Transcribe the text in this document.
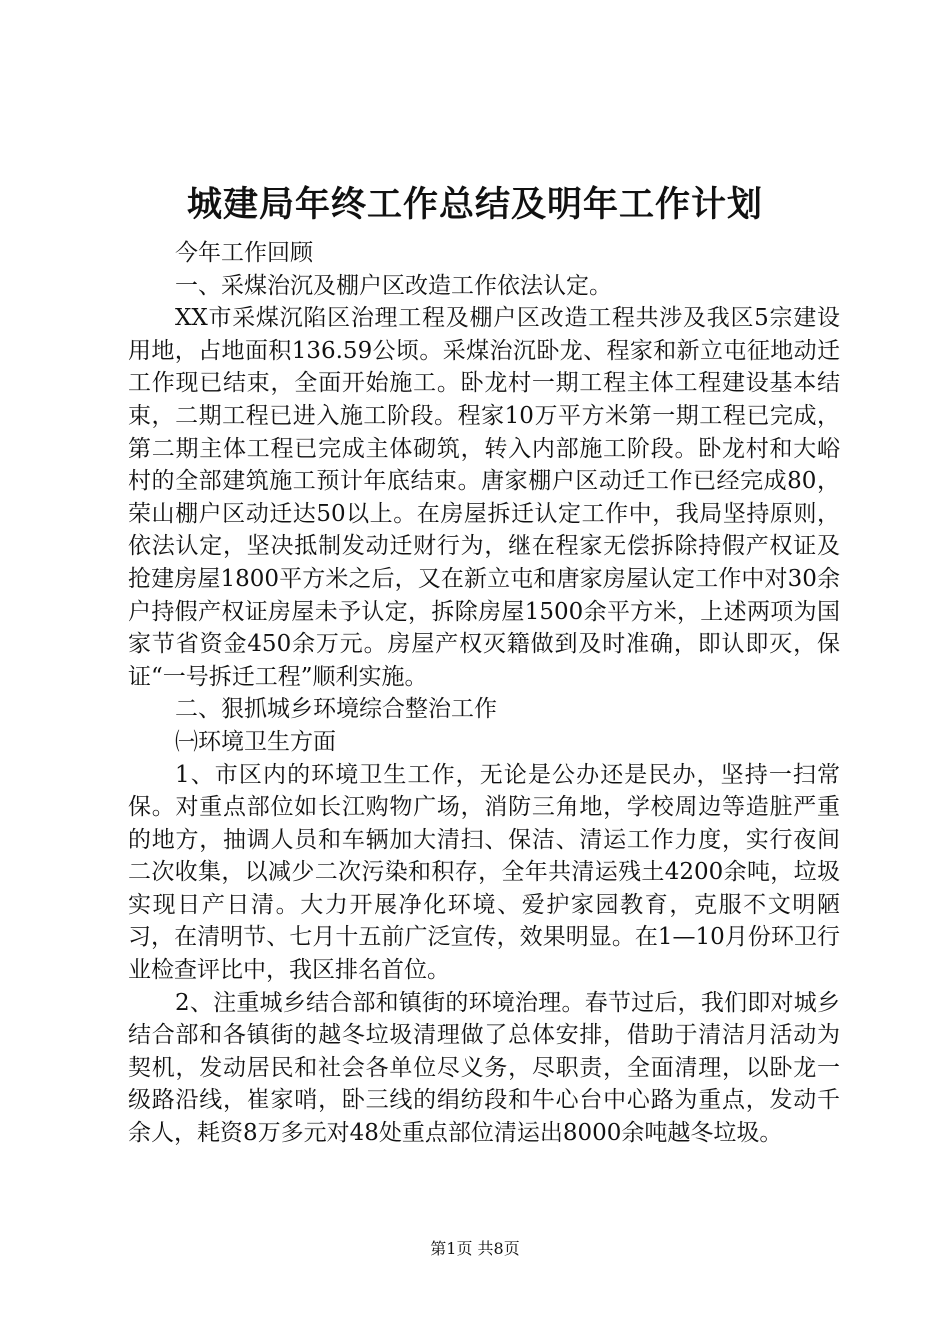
城建局年终工作总结及明年工作计划

今年工作回顾

一、采煤治沉及棚户区改造工作依法认定。

XX市采煤沉陷区治理工程及棚户区改造工程共涉及我区5宗建设用地，占地面积136.59公顷。采煤治沉卧龙、程家和新立屯征地动迁工作现已结束，全面开始施工。卧龙村一期工程主体工程建设基本结束，二期工程已进入施工阶段。程家10万平方米第一期工程已完成，第二期主体工程已完成主体砌筑，转入内部施工阶段。卧龙村和大峪村的全部建筑施工预计年底结束。唐家棚户区动迁工作已经完成80，荣山棚户区动迁达50以上。在房屋拆迁认定工作中，我局坚持原则，依法认定，坚决抵制发动迁财行为，继在程家无偿拆除持假产权证及抢建房屋1800平方米之后，又在新立屯和唐家房屋认定工作中对30余户持假产权证房屋未予认定，拆除房屋1500余平方米，上述两项为国家节省资金450余万元。房屋产权灭籍做到及时准确，即认即灭，保证“一号拆迁工程”顺利实施。

二、狠抓城乡环境综合整治工作

㈠环境卫生方面

1、市区内的环境卫生工作，无论是公办还是民办，坚持一扫常保。对重点部位如长江购物广场，消防三角地，学校周边等造脏严重的地方，抽调人员和车辆加大清扫、保洁、清运工作力度，实行夜间二次收集，以减少二次污染和积存，全年共清运残土4200余吨，垃圾实现日产日清。大力开展净化环境、爱护家园教育，克服不文明陋习，在清明节、七月十五前广泛宣传，效果明显。在1—10月份环卫行业检查评比中，我区排名首位。

2、注重城乡结合部和镇街的环境治理。春节过后，我们即对城乡结合部和各镇街的越冬垃圾清理做了总体安排，借助于清洁月活动为契机，发动居民和社会各单位尽义务，尽职责，全面清理，以卧龙一级路沿线，崔家哨，卧三线的绢纺段和牛心台中心路为重点，发动千余人，耗资8万多元对48处重点部位清运出8000余吨越冬垃圾。

第1页 共8页
